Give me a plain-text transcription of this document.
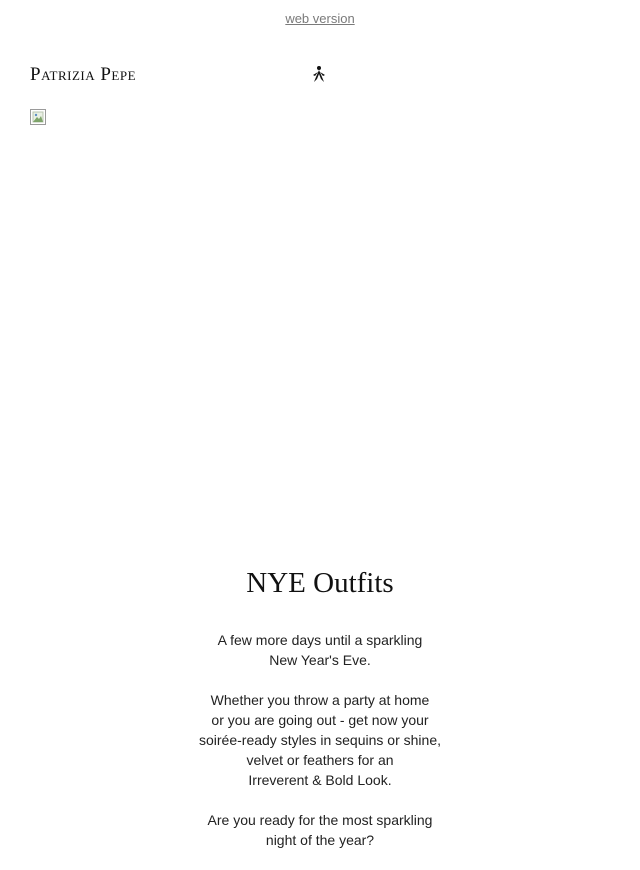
web version
Patrizia Pepe
NYE Outfits

A few more days until a sparkling
New Year's Eve.

Whether you throw a party at home
or you are going out - get now your
soirée-ready styles in sequins or shine,
velvet or feathers for an
Irreverent & Bold Look.

Are you ready for the most sparkling
night of the year?
